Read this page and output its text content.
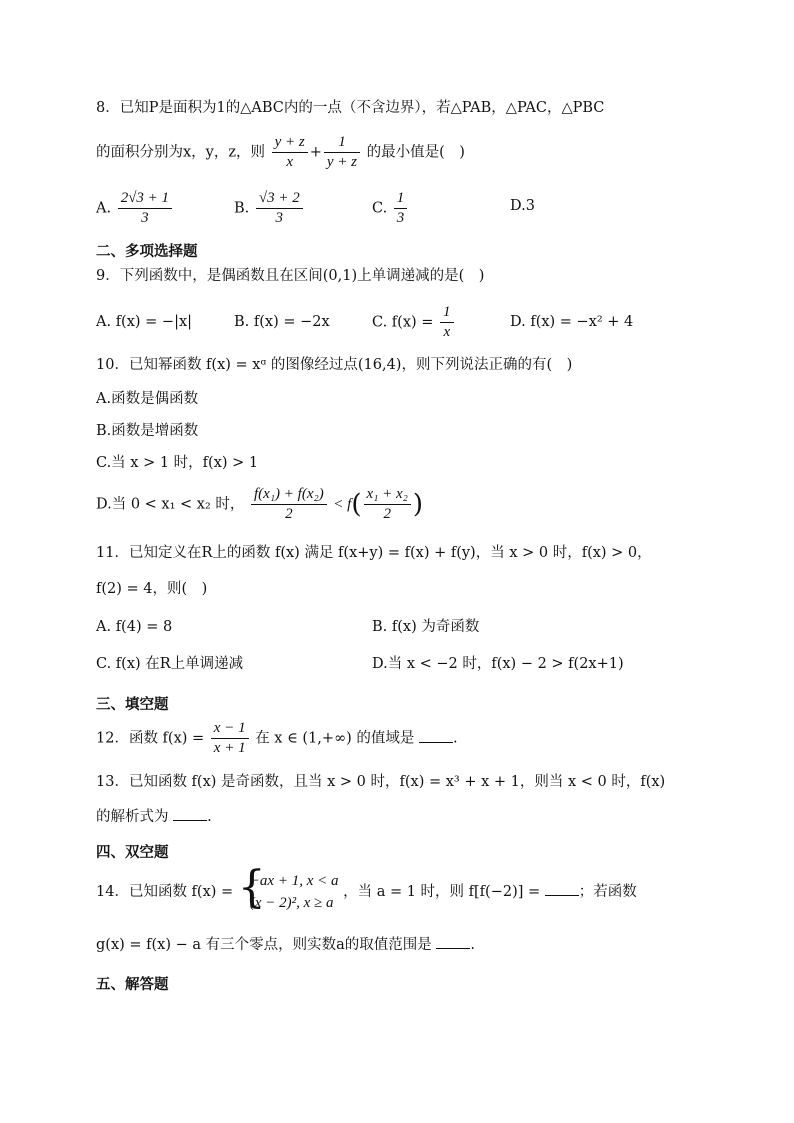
8．已知P是面积为1的△ABC内的一点（不含边界），若△PAB，△PAC，△PBC
的面积分别为x，y，z，则 $\frac{y + z}{x} + \frac{1}{y + z}$ 的最小值是(　)
A. $\frac{2√3 + 1}{3}$	B. $\frac{√3 + 2}{3}$	C. $\frac{1}{3}$	D.3
二、多项选择题
9．下列函数中，是偶函数且在区间(0,1)上单调递减的是(　)
A. f(x) = −|x|	B. f(x) = −2x	C. $f(x) = \frac{1}{x}$	D. f(x) = −x² + 4
10．已知幂函数 f(x) = xᵅ 的图像经过点(16,4)，则下列说法正确的有(　)
A.函数是偶函数
B.函数是增函数
C.当 x > 1 时，f(x) > 1
D.当 0 < x₁ < x₂ 时， $\frac{\text{f(x₁) + f(x₂)}}{2} < f( \frac{\text{x₁ + x₂}}{2}$ )
11．已知定义在R上的函数 f(x) 满足 f(x+y) = f(x) + f(y)，当 x > 0 时，f(x) > 0，
f(2) = 4，则(　)
A. f(4) = 8	B. f(x) 为奇函数
C. f(x) 在R上单调递减	D.当 x < −2 时，f(x) − 2 > f(2x+1)
三、填空题
12．函数 $f(x) = \frac{x - 1}{x + 1}$ 在 x ∈ (1,+∞) 的值域是	.
13．已知函数 f(x) 是奇函数，且当 x > 0 时，f(x) = x³ + x + 1，则当 x < 0 时，f(x)
的解析式为	.
四、双空题
14．已知函数 f(x) = {
−ax + 1, x < a
(x − 2)², x ≥ a
，当 a = 1 时，则 f[f(−2)] =	；若函数
g(x) = f(x) − a 有三个零点，则实数a的取值范围是	.
五、解答题
